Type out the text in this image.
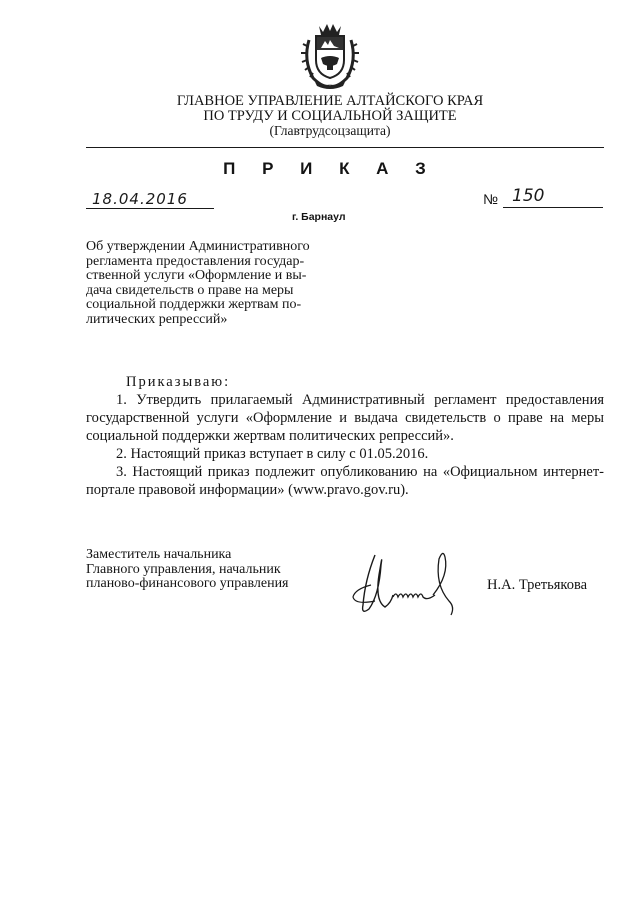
ГЛАВНОЕ УПРАВЛЕНИЕ АЛТАЙСКОГО КРАЯ
ПО ТРУДУ И СОЦИАЛЬНОЙ ЗАЩИТЕ
(Главтрудсоцзащита)
П Р И К А З
18.04.2016	№ 150
г. Барнаул

Об утверждении Административного

регламента предоставления государ-

ственной услуги «Оформление и вы-

дача свидетельств о праве на меры

социальной поддержки жертвам по-

литических репрессий»

Приказываю:
1. Утвердить прилагаемый Административный регламент предоставления государственной услуги «Оформление и выдача свидетельств о праве на меры социальной поддержки жертвам политических репрессий».
2. Настоящий приказ вступает в силу с 01.05.2016.
3. Настоящий приказ подлежит опубликованию на «Официальном интернет-портале правовой информации» (www.pravo.gov.ru).
Заместитель начальника
Главного управления, начальник
планово-финансового управления	Н.А. Третьякова
